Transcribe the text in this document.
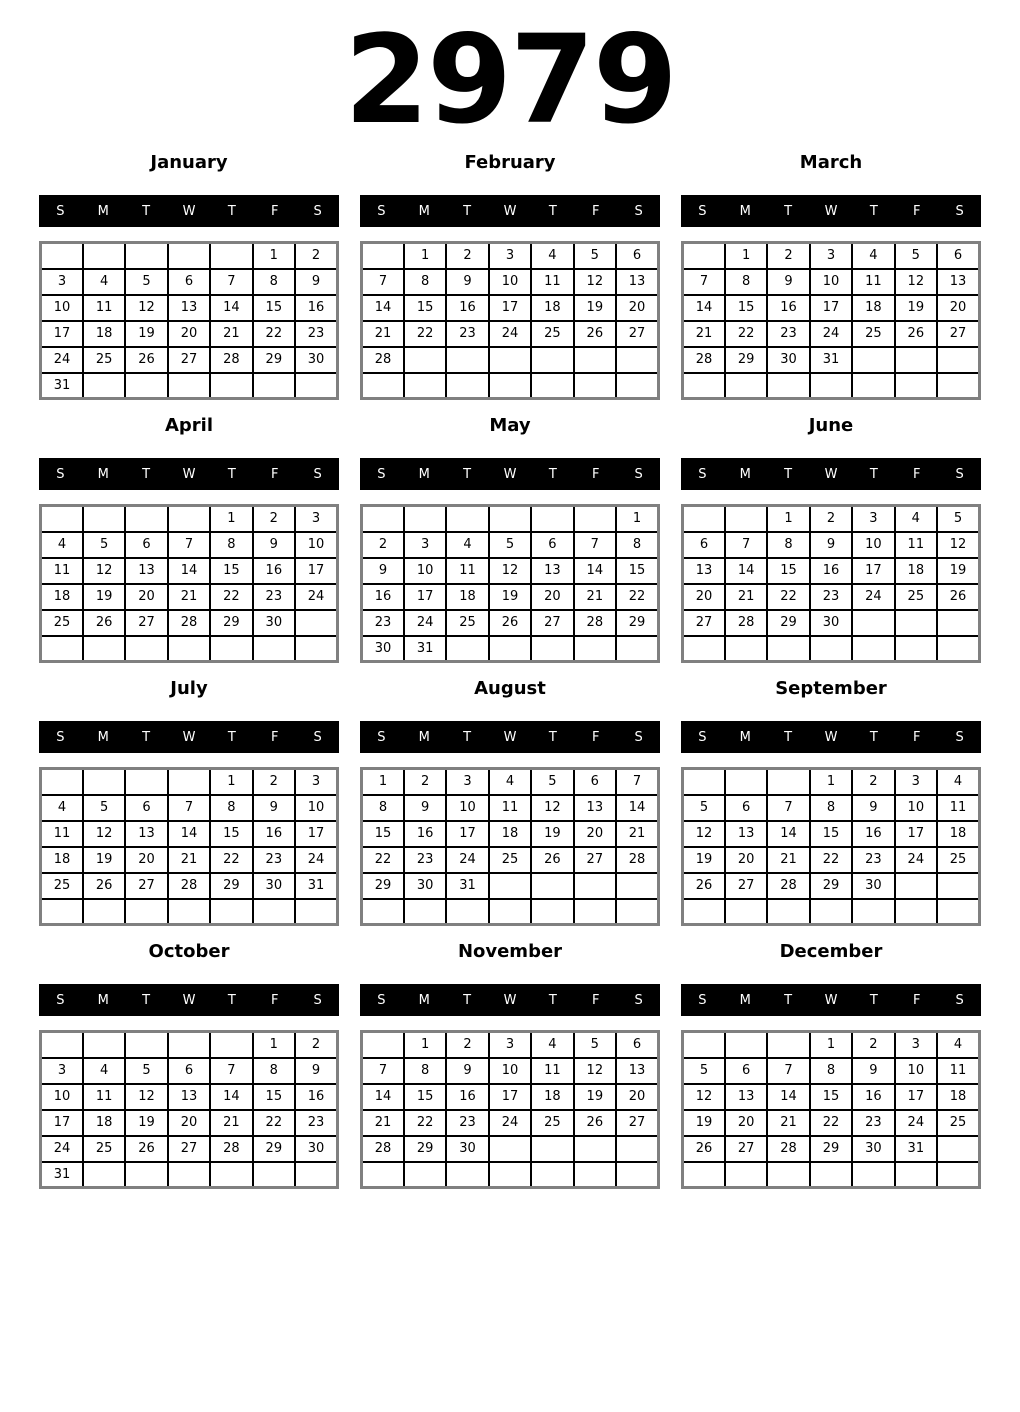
2979
January
S	M	T	W	T	F	S
					1	2
3	4	5	6	7	8	9
10	11	12	13	14	15	16
17	18	19	20	21	22	23
24	25	26	27	28	29	30
31						
February
S	M	T	W	T	F	S
	1	2	3	4	5	6
7	8	9	10	11	12	13
14	15	16	17	18	19	20
21	22	23	24	25	26	27
28						

March
S	M	T	W	T	F	S
	1	2	3	4	5	6
7	8	9	10	11	12	13
14	15	16	17	18	19	20
21	22	23	24	25	26	27
28	29	30	31			

April
S	M	T	W	T	F	S
				1	2	3
4	5	6	7	8	9	10
11	12	13	14	15	16	17
18	19	20	21	22	23	24
25	26	27	28	29	30	

May
S	M	T	W	T	F	S
						1
2	3	4	5	6	7	8
9	10	11	12	13	14	15
16	17	18	19	20	21	22
23	24	25	26	27	28	29
30	31					
June
S	M	T	W	T	F	S
		1	2	3	4	5
6	7	8	9	10	11	12
13	14	15	16	17	18	19
20	21	22	23	24	25	26
27	28	29	30			

July
S	M	T	W	T	F	S
				1	2	3
4	5	6	7	8	9	10
11	12	13	14	15	16	17
18	19	20	21	22	23	24
25	26	27	28	29	30	31

August
S	M	T	W	T	F	S
1	2	3	4	5	6	7
8	9	10	11	12	13	14
15	16	17	18	19	20	21
22	23	24	25	26	27	28
29	30	31				

September
S	M	T	W	T	F	S
			1	2	3	4
5	6	7	8	9	10	11
12	13	14	15	16	17	18
19	20	21	22	23	24	25
26	27	28	29	30		

October
S	M	T	W	T	F	S
					1	2
3	4	5	6	7	8	9
10	11	12	13	14	15	16
17	18	19	20	21	22	23
24	25	26	27	28	29	30
31						
November
S	M	T	W	T	F	S
	1	2	3	4	5	6
7	8	9	10	11	12	13
14	15	16	17	18	19	20
21	22	23	24	25	26	27
28	29	30				

December
S	M	T	W	T	F	S
			1	2	3	4
5	6	7	8	9	10	11
12	13	14	15	16	17	18
19	20	21	22	23	24	25
26	27	28	29	30	31	
